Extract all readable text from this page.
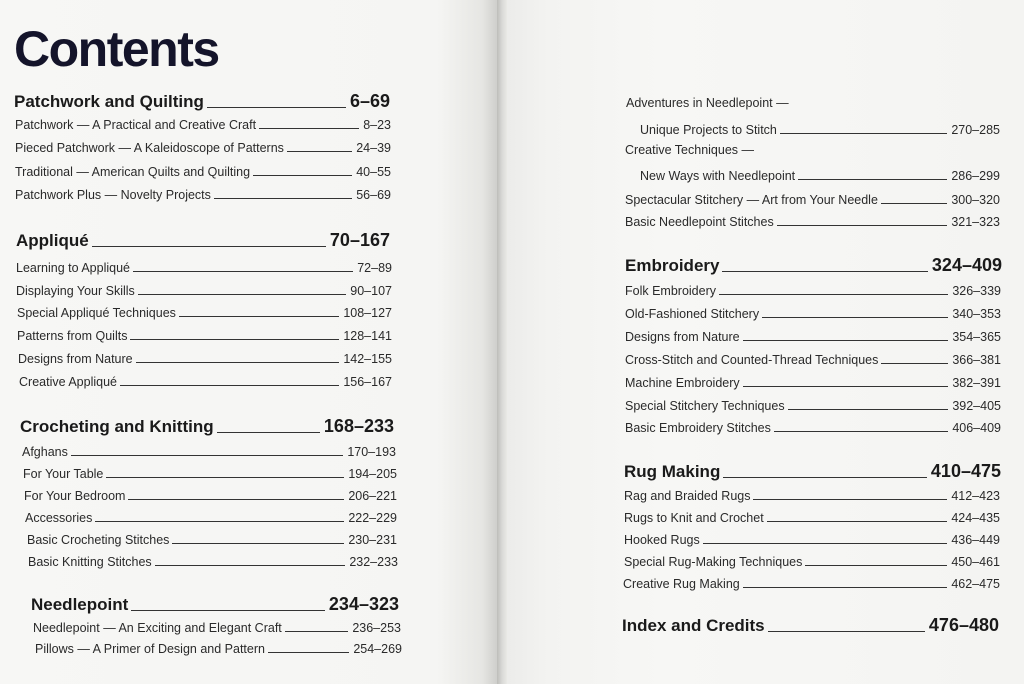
Contents
Patchwork and Quilting	6–69
Patchwork — A Practical and Creative Craft	8–23
Pieced Patchwork — A Kaleidoscope of Patterns	24–39
Traditional — American Quilts and Quilting	40–55
Patchwork Plus — Novelty Projects	56–69
Appliqué	70–167
Learning to Appliqué	72–89
Displaying Your Skills	90–107
Special Appliqué Techniques	108–127
Patterns from Quilts	128–141
Designs from Nature	142–155
Creative Appliqué	156–167
Crocheting and Knitting	168–233
Afghans	170–193
For Your Table	194–205
For Your Bedroom	206–221
Accessories	222–229
Basic Crocheting Stitches	230–231
Basic Knitting Stitches	232–233
Needlepoint	234–323
Needlepoint — An Exciting and Elegant Craft	236–253
Pillows — A Primer of Design and Pattern	254–269
Adventures in Needlepoint —
Unique Projects to Stitch	270–285
Creative Techniques —
New Ways with Needlepoint	286–299
Spectacular Stitchery — Art from Your Needle	300–320
Basic Needlepoint Stitches	321–323
Embroidery	324–409
Folk Embroidery	326–339
Old-Fashioned Stitchery	340–353
Designs from Nature	354–365
Cross-Stitch and Counted-Thread Techniques	366–381
Machine Embroidery	382–391
Special Stitchery Techniques	392–405
Basic Embroidery Stitches	406–409
Rug Making	410–475
Rag and Braided Rugs	412–423
Rugs to Knit and Crochet	424–435
Hooked Rugs	436–449
Special Rug-Making Techniques	450–461
Creative Rug Making	462–475
Index and Credits	476–480
